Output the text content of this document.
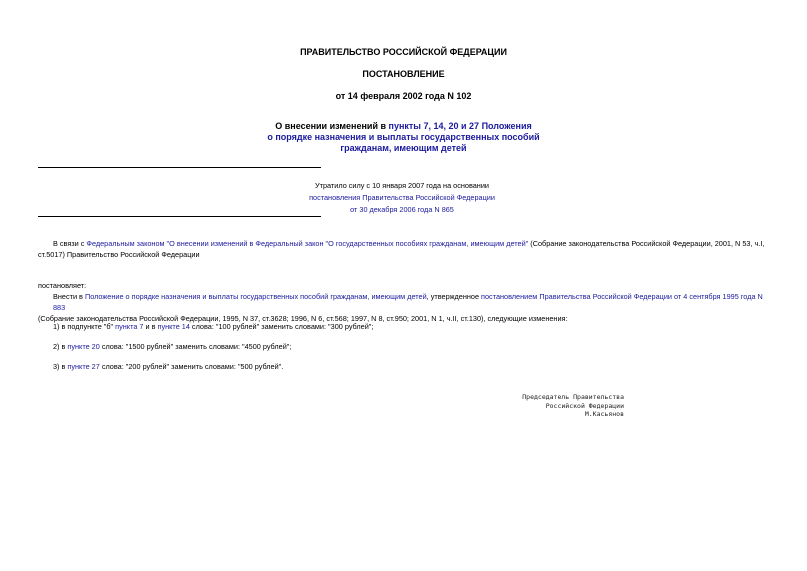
ПРАВИТЕЛЬСТВО РОССИЙСКОЙ ФЕДЕРАЦИИ
ПОСТАНОВЛЕНИЕ
от 14 февраля 2002 года N 102
О внесении изменений в пункты 7, 14, 20 и 27 Положения
о порядке назначения и выплаты государственных пособий
гражданам, имеющим детей
Утратило силу с 10 января 2007 года на основании
постановления Правительства Российской Федерации
от 30 декабря 2006 года N 865
В связи с Федеральным законом "О внесении изменений в Федеральный закон "О государственных пособиях гражданам, имеющим детей" (Собрание законодательства Российской Федерации, 2001, N 53, ч.I,
ст.5017) Правительство Российской Федерации
постановляет:
Внести в Положение о порядке назначения и выплаты государственных пособий гражданам, имеющим детей, утвержденное постановлением Правительства Российской Федерации от 4 сентября 1995 года N 883
(Собрание законодательства Российской Федерации, 1995, N 37, ст.3628; 1996, N 6, ст.568; 1997, N 8, ст.950; 2001, N 1, ч.II, ст.130), следующие изменения:
1) в подпункте "б" пункта 7 и в пункте 14 слова: "100 рублей" заменить словами: "300 рублей";
2) в пункте 20 слова: "1500 рублей" заменить словами: "4500 рублей";
3) в пункте 27 слова: "200 рублей" заменить словами: "500 рублей".
Председатель Правительства
Российской Федерации
М.Касьянов
